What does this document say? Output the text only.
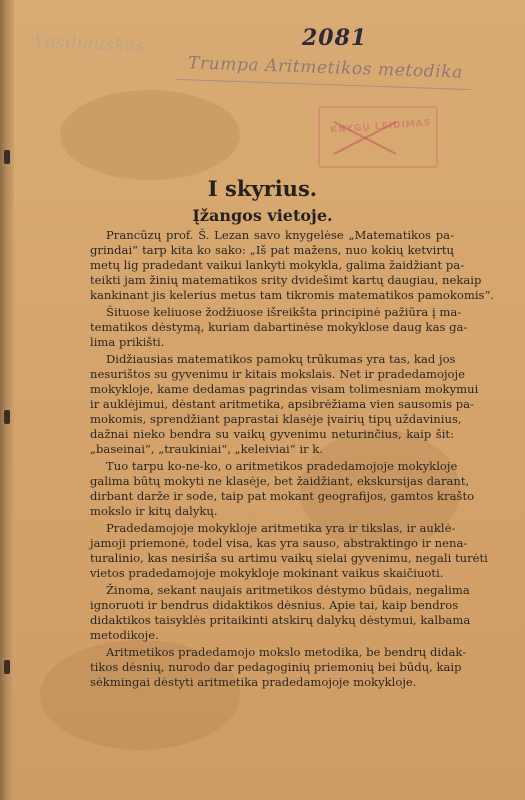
Vasiliauskas	2081
Trumpa Aritmetikos metodika
KNYGŲ LEIDIMAS
I skyrius.
Įžangos vietoje.
Prancūzų prof. Š. Lezan savo knygelėse „Matematikos pa-
grindai“ tarp kita ko sako: „Iš pat mažens, nuo kokių ketvirtų
metų lig pradedant vaikui lankyti mokykla, galima žaidžiant pa-
teikti jam žinių matematikos srity dvidešimt kartų daugiau, nekaip
kankinant jis kelerius metus tam tikromis matematikos pamokomis“.
Šituose keliuose žodžiuose išreikšta principinė pažiūra į ma-
tematikos dėstymą, kuriam dabartinėse mokyklose daug kas ga-
lima prikišti.
Didžiausias matematikos pamokų trūkumas yra tas, kad jos
nesurištos su gyvenimu ir kitais mokslais. Net ir pradedamojoje
mokykloje, kame dedamas pagrindas visam tolimesniam mokymui
ir auklėjimui, dėstant aritmetika, apsibrėžiama vien sausomis pa-
mokomis, sprendžiant paprastai klasėje įvairių tipų uždavinius,
dažnai nieko bendra su vaikų gyvenimu neturinčius, kaip šit:
„baseinai“, „traukiniai“, „keleiviai“ ir k.
Tuo tarpu ko-ne-ko, o aritmetikos pradedamojoje mokykloje
galima būtų mokyti ne klasėje, bet žaidžiant, ekskursijas darant,
dirbant darže ir sode, taip pat mokant geografijos, gamtos krašto
mokslo ir kitų dalykų.
Pradedamojoje mokykloje aritmetika yra ir tikslas, ir auklė-
jamoji priemonė, todel visa, kas yra sauso, abstraktingo ir nena-
turalinio, kas nesiriša su artimu vaikų sielai gyvenimu, negali turėti
vietos pradedamojoje mokykloje mokinant vaikus skaičiuoti.
Žinoma, sekant naujais aritmetikos dėstymo būdais, negalima
ignoruoti ir bendrus didaktikos dėsnius. Apie tai, kaip bendros
didaktikos taisyklės pritaikinti atskirų dalykų dėstymui, kalbama
metodikoje.
Aritmetikos pradedamojo mokslo metodika, be bendrų didak-
tikos dėsnių, nurodo dar pedagoginių priemonių bei būdų, kaip
sėkmingai dėstyti aritmetika pradedamojoje mokykloje.
